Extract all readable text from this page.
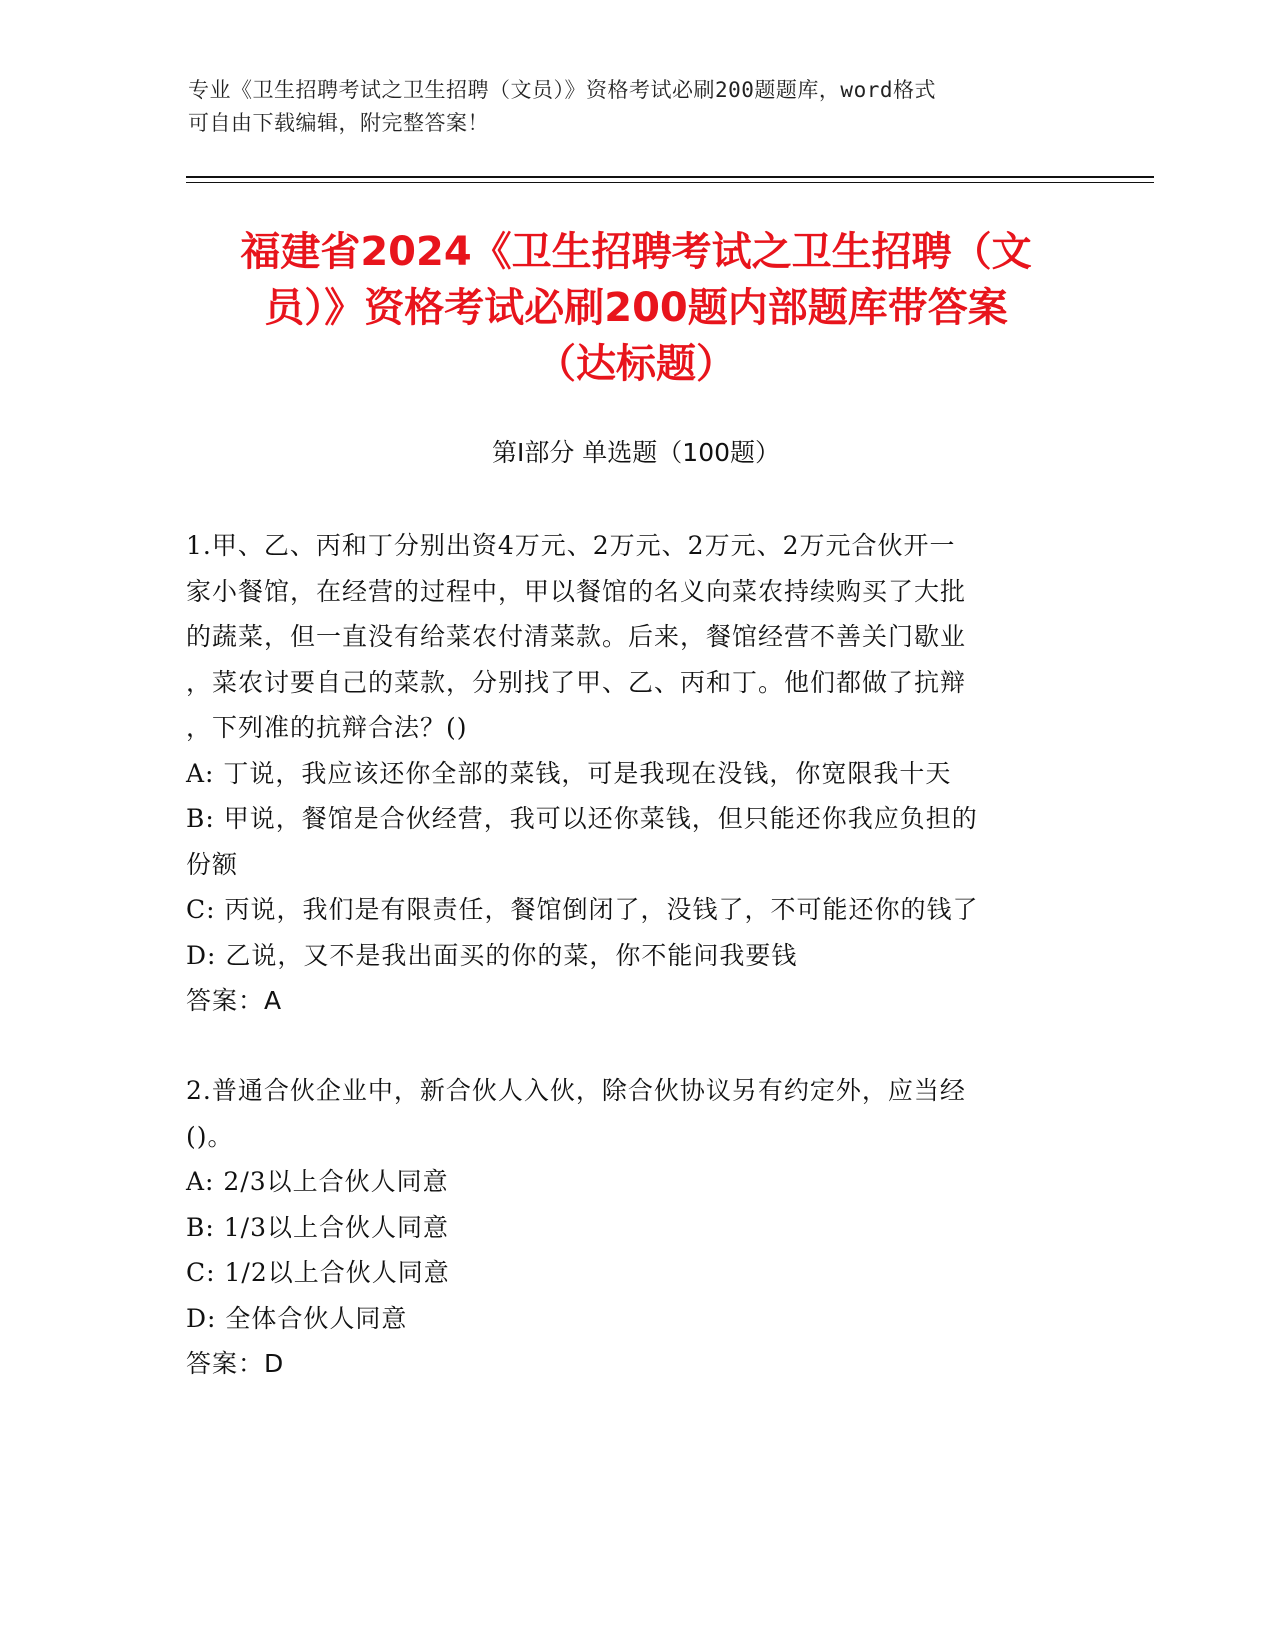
专业《卫生招聘考试之卫生招聘（文员）》资格考试必刷200题题库，word格式
可自由下载编辑，附完整答案！
福建省2024《卫生招聘考试之卫生招聘（文
员）》资格考试必刷200题内部题库带答案
（达标题）
第I部分 单选题（100题）
1.甲、乙、丙和丁分别出资4万元、2万元、2万元、2万元合伙开一
家小餐馆，在经营的过程中，甲以餐馆的名义向菜农持续购买了大批
的蔬菜，但一直没有给菜农付清菜款。后来，餐馆经营不善关门歇业
，菜农讨要自己的菜款，分别找了甲、乙、丙和丁。他们都做了抗辩
，下列准的抗辩合法？()
A: 丁说，我应该还你全部的菜钱，可是我现在没钱，你宽限我十天
B: 甲说，餐馆是合伙经营，我可以还你菜钱，但只能还你我应负担的
份额
C: 丙说，我们是有限责任，餐馆倒闭了，没钱了，不可能还你的钱了
D: 乙说，又不是我出面买的你的菜，你不能问我要钱
答案：A
2.普通合伙企业中，新合伙人入伙，除合伙协议另有约定外，应当经
()。
A: 2/3以上合伙人同意
B: 1/3以上合伙人同意
C: 1/2以上合伙人同意
D: 全体合伙人同意
答案：D
